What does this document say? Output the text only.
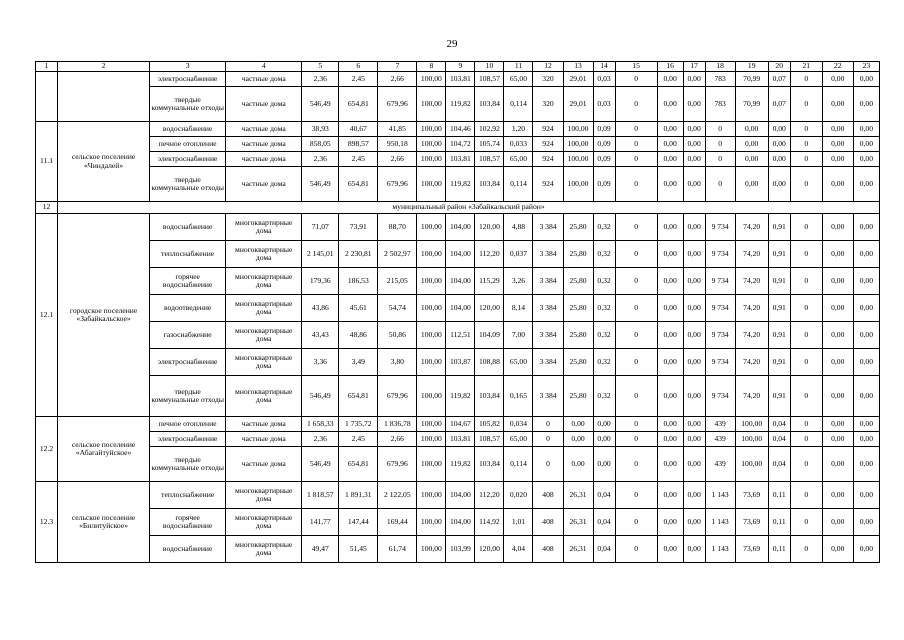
29
1	2	3	4	5	6	7	8	9	10	11	12	13	14	15	16	17	18	19	20	21	22	23
		электроснабжение	частные дома	2,36	2,45	2,66	100,00	103,81	108,57	65,00	320	29,01	0,03	0	0,00	0,00	783	70,99	0,07	0	0,00	0,00
		твердые коммунальные отходы	частные дома	546,49	654,81	679,96	100,00	119,82	103,84	0,114	320	29,01	0,03	0	0,00	0,00	783	70,99	0,07	0	0,00	0,00
11.1	сельское поселение «Чиндалей»	водоснабжение	частные дома	38,93	40,67	41,85	100,00	104,46	102,92	1,20	924	100,00	0,09	0	0,00	0,00	0	0,00	0,00	0	0,00	0,00
		печное отопление	частные дома	858,05	898,57	950,18	100,00	104,72	105,74	0,033	924	100,00	0,09	0	0,00	0,00	0	0,00	0,00	0	0,00	0,00
		электроснабжение	частные дома	2,36	2,45	2,66	100,00	103,81	108,57	65,00	924	100,00	0,09	0	0,00	0,00	0	0,00	0,00	0	0,00	0,00
		твердые коммунальные отходы	частные дома	546,49	654,81	679,96	100,00	119,82	103,84	0,114	924	100,00	0,09	0	0,00	0,00	0	0,00	0,00	0	0,00	0,00
12	муниципальный район «Забайкальский район»																					
12.1	городское поселение «Забайкальское»	водоснабжение	многоквартирные дома	71,07	73,91	88,70	100,00	104,00	120,00	4,88	3 384	25,80	0,32	0	0,00	0,00	9 734	74,20	0,91	0	0,00	0,00
		теплоснабжение	многоквартирные дома	2 145,01	2 230,81	2 502,97	100,00	104,00	112,20	0,037	3 384	25,80	0,32	0	0,00	0,00	9 734	74,20	0,91	0	0,00	0,00
		горячее водоснабжение	многоквартирные дома	179,36	186,53	215,05	100,00	104,00	115,29	3,26	3 384	25,80	0,32	0	0,00	0,00	9 734	74,20	0,91	0	0,00	0,00
		водоотведение	многоквартирные дома	43,86	45,61	54,74	100,00	104,00	120,00	8,14	3 384	25,80	0,32	0	0,00	0,00	9 734	74,20	0,91	0	0,00	0,00
		газоснабжение	многоквартирные дома	43,43	48,86	50,86	100,00	112,51	104,09	7,00	3 384	25,80	0,32	0	0,00	0,00	9 734	74,20	0,91	0	0,00	0,00
		электроснабжение	многоквартирные дома	3,36	3,49	3,80	100,00	103,87	108,88	65,00	3 384	25,80	0,32	0	0,00	0,00	9 734	74,20	0,91	0	0,00	0,00
		твердые коммунальные отходы	многоквартирные дома	546,49	654,81	679,96	100,00	119,82	103,84	0,165	3 384	25,80	0,32	0	0,00	0,00	9 734	74,20	0,91	0	0,00	0,00
12.2	сельское поселение «Абагайтуйское»	печное отопление	частные дома	1 658,33	1 735,72	1 836,78	100,00	104,67	105,82	0,034	0	0,00	0,00	0	0,00	0,00	439	100,00	0,04	0	0,00	0,00
		электроснабжение	частные дома	2,36	2,45	2,66	100,00	103,81	108,57	65,00	0	0,00	0,00	0	0,00	0,00	439	100,00	0,04	0	0,00	0,00
		твердые коммунальные отходы	частные дома	546,49	654,81	679,96	100,00	119,82	103,84	0,114	0	0,00	0,00	0	0,00	0,00	439	100,00	0,04	0	0,00	0,00
12.3	сельское поселение «Билитуйское»	теплоснабжение	многоквартирные дома	1 818,57	1 891,31	2 122,05	100,00	104,00	112,20	0,020	408	26,31	0,04	0	0,00	0,00	1 143	73,69	0,11	0	0,00	0,00
		горячее водоснабжение	многоквартирные дома	141,77	147,44	169,44	100,00	104,00	114,92	1,01	408	26,31	0,04	0	0,00	0,00	1 143	73,69	0,11	0	0,00	0,00
		водоснабжение	многоквартирные дома	49,47	51,45	61,74	100,00	103,99	120,00	4,04	408	26,31	0,04	0	0,00	0,00	1 143	73,69	0,11	0	0,00	0,00
